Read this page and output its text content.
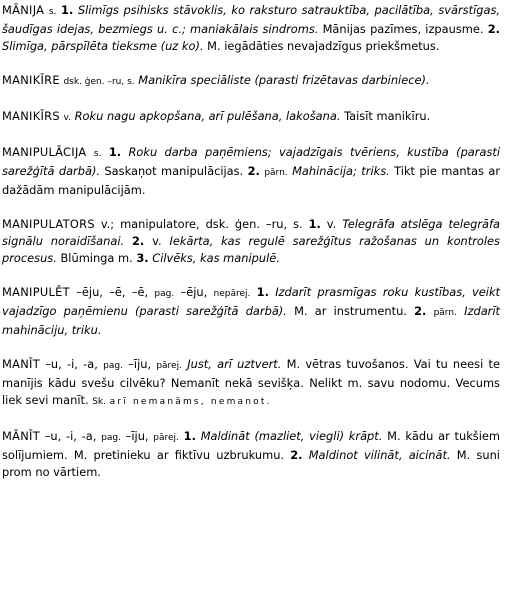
MĀNIJA s. 1. Slimīgs psihisks stāvoklis, ko raksturo satrauktība, pacilātība, svārstīgas, šaudīgas idejas, bezmiegs u. c.; maniakālais sindroms. Mānijas pazīmes, izpausme. 2. Slimīga, pārspīlēta tieksme (uz ko). M. iegādāties nevajadzīgus priekšmetus.
MANIKĪRE dsk. ģen. –ru, s. Manikīra speciāliste (parasti frizētavas darbiniece).
MANIKĪRS v. Roku nagu apkopšana, arī pulēšana, lakošana. Taisīt manikīru.
MANIPULĀCIJA s. 1. Roku darba paņēmiens; vajadzīgais tvēriens, kustība (parasti sarežģītā darbā). Saskaņot manipulācijas. 2. pārn. Mahinācija; triks. Tikt pie mantas ar dažādām manipulācijām.
MANIPULATORS v.; manipulatore, dsk. ģen. –ru, s. 1. v. Telegrāfa atslēga telegrāfa signālu noraidīšanai. 2. v. Iekārta, kas regulē sarežģītus ražošanas un kontroles procesus. Blūminga m. 3. Cilvēks, kas manipulē.
MANIPULĒT –ēju, –ē, –ē, pag. –ēju, nepārej. 1. Izdarīt prasmīgas roku kustības, veikt vajadzīgo paņēmienu (parasti sarežģītā darbā). M. ar instrumentu. 2. pārn. Izdarīt mahināciju, triku.
MANĪT –u, -i, -a, pag. –īju, pārej. Just, arī uztvert. M. vētras tuvošanos. Vai tu neesi te manījis kādu svešu cilvēku? Nemanīt nekā sevišķa. Nelikt m. savu nodomu. Vecums liek sevi manīt. Sk. arī nemanāms, nemanot.
MĀNĪT –u, -i, -a, pag. –īju, pārej. 1. Maldināt (mazliet, viegli) krāpt. M. kādu ar tukšiem solījumiem. M. pretinieku ar fiktīvu uzbrukumu. 2. Maldinot vilināt, aicināt. M. suni prom no vārtiem.
